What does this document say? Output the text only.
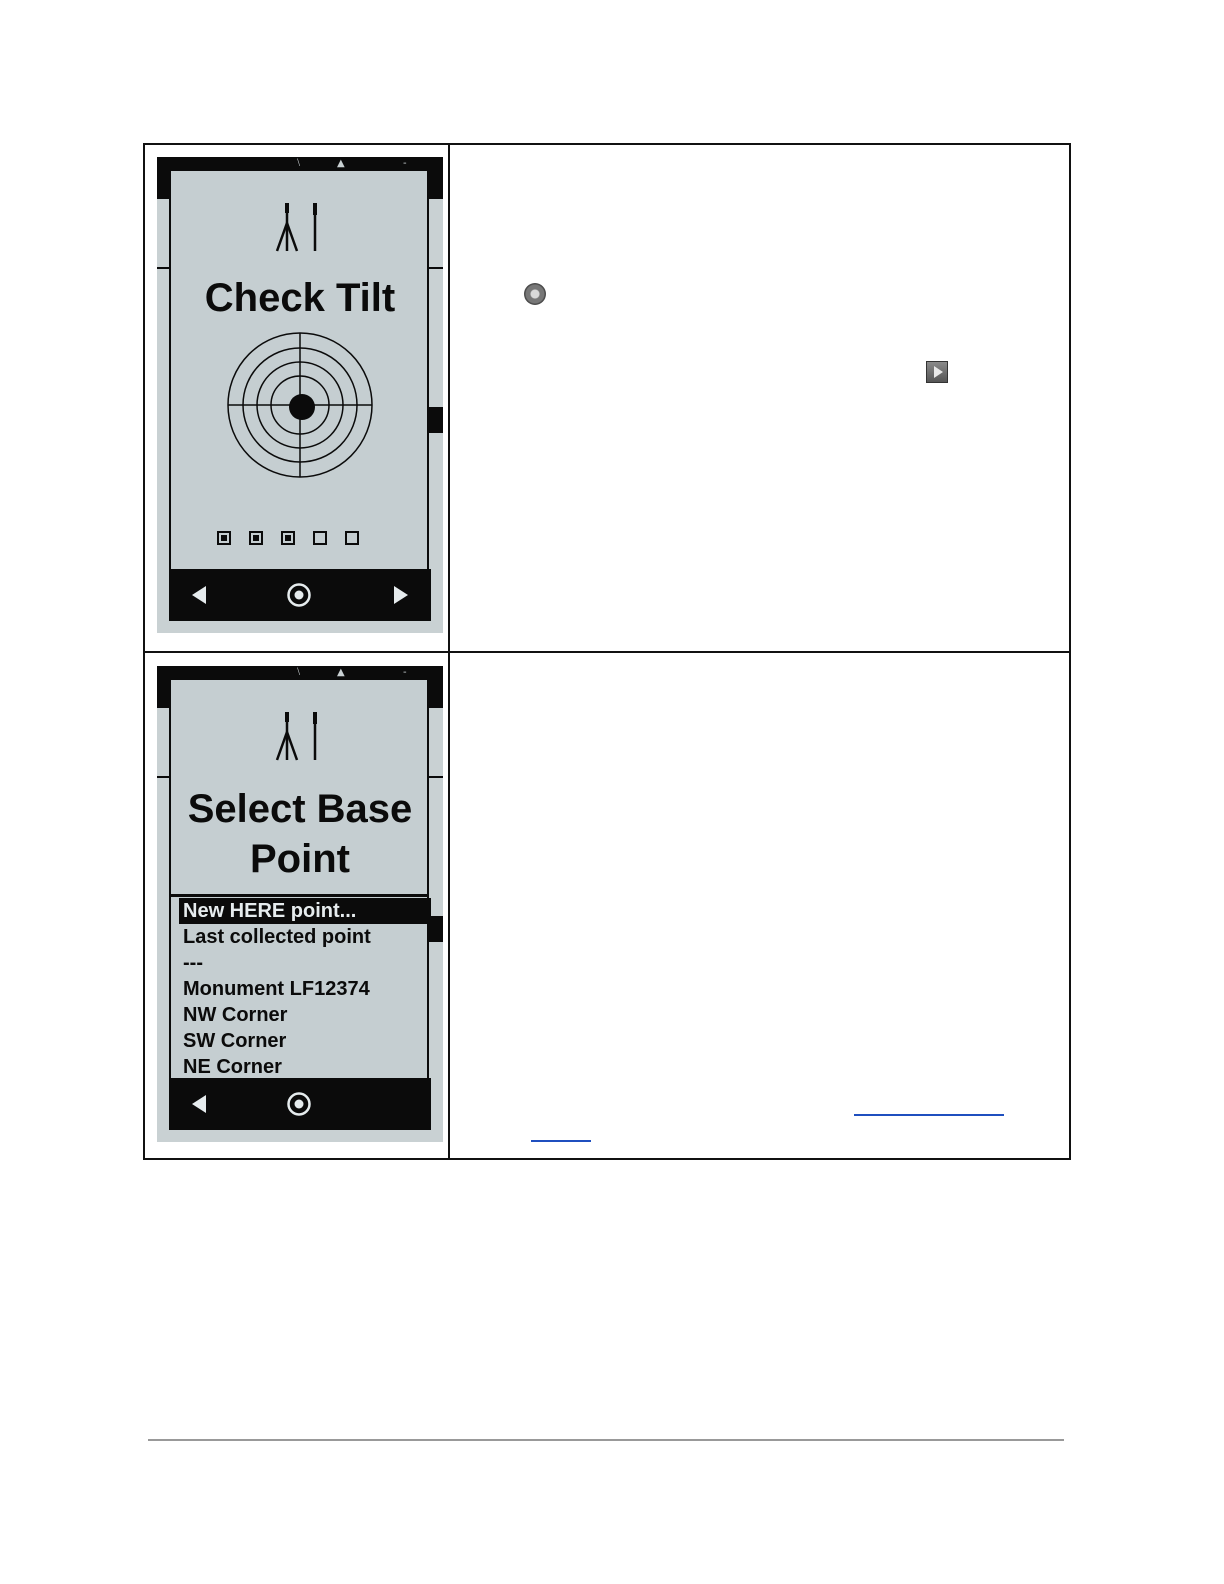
⧵	▲	-
Check Tilt
⧵	▲	-
Select Base
Point
New HERE point...
Last collected point
---
Monument LF12374
NW Corner
SW Corner
NE Corner
